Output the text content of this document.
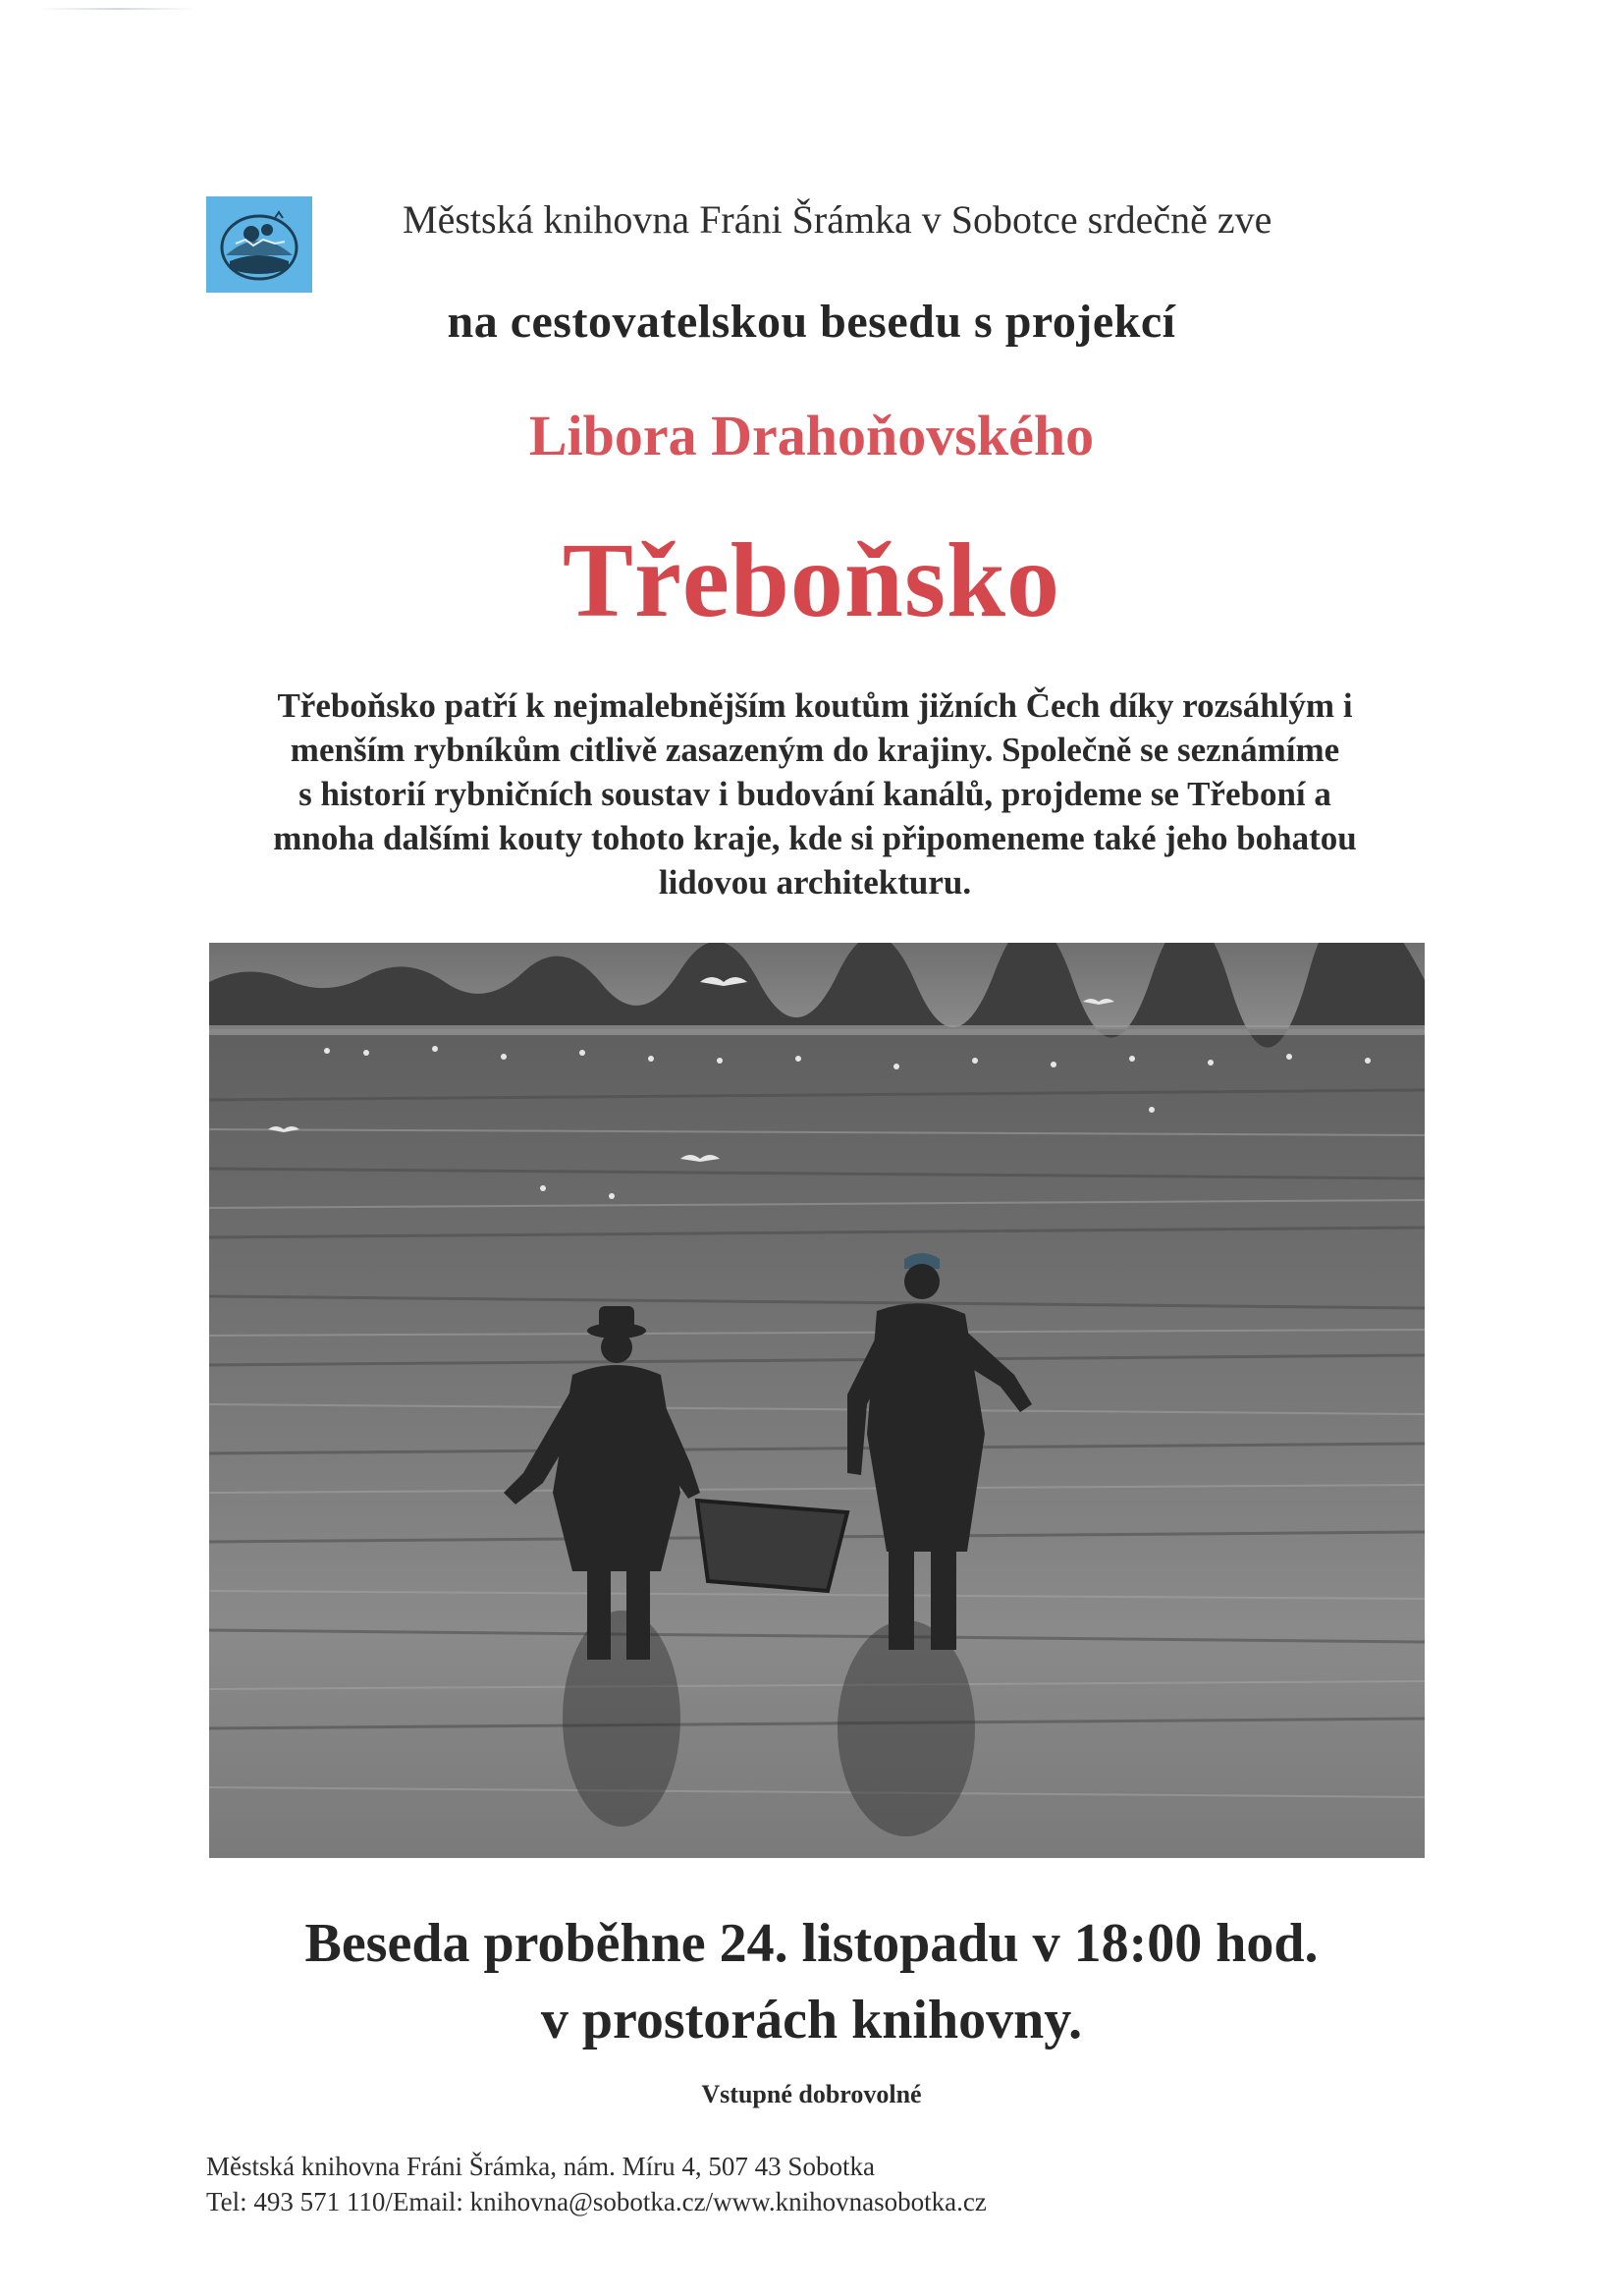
Městská knihovna Fráni Šrámka v Sobotce srdečně zve
na cestovatelskou besedu s projekcí
Libora Drahoňovského
Třeboňsko
Třeboňsko patří k nejmalebnějším koutům jižních Čech díky rozsáhlým i
menším rybníkům citlivě zasazeným do krajiny. Společně se seznámíme
s historií rybničních soustav i budování kanálů, projdeme se Třeboní a
mnoha dalšími kouty tohoto kraje, kde si připomeneme také jeho bohatou
lidovou architekturu.
Beseda proběhne 24. listopadu v 18:00 hod.
v prostorách knihovny.
Vstupné dobrovolné
Městská knihovna Fráni Šrámka, nám. Míru 4, 507 43 Sobotka
Tel: 493 571 110/Email: knihovna@sobotka.cz/www.knihovnasobotka.cz
